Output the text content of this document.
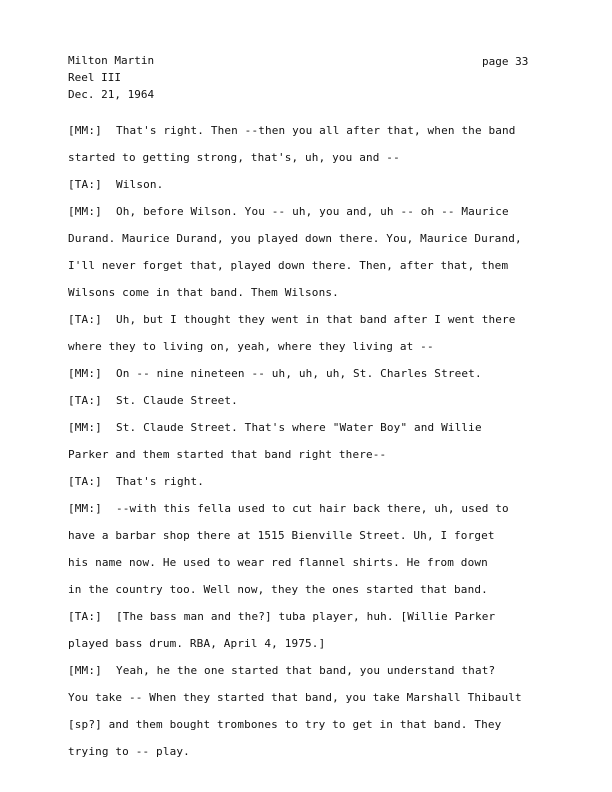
Milton Martin
Reel III
Dec. 21, 1964
page 33
[MM:] That's right. Then --then you all after that, when the band
started to getting strong, that's, uh, you and --
[TA:] Wilson.
[MM:] Oh, before Wilson. You -- uh, you and, uh -- oh -- Maurice
Durand. Maurice Durand, you played down there. You, Maurice Durand,
I'll never forget that, played down there. Then, after that, them
Wilsons come in that band. Them Wilsons.
[TA:] Uh, but I thought they went in that band after I went there
where they to living on, yeah, where they living at --
[MM:] On -- nine nineteen -- uh, uh, uh, St. Charles Street.
[TA:] St. Claude Street.
[MM:] St. Claude Street. That's where "Water Boy" and Willie
Parker and them started that band right there--
[TA:] That's right.
[MM:] --with this fella used to cut hair back there, uh, used to
have a barbar shop there at 1515 Bienville Street. Uh, I forget
his name now. He used to wear red flannel shirts. He from down
in the country too. Well now, they the ones started that band.
[TA:] [The bass man and the?] tuba player, huh. [Willie Parker
played bass drum. RBA, April 4, 1975.]
[MM:] Yeah, he the one started that band, you understand that?
You take -- When they started that band, you take Marshall Thibault
[sp?] and them bought trombones to try to get in that band. They
trying to -- play.
